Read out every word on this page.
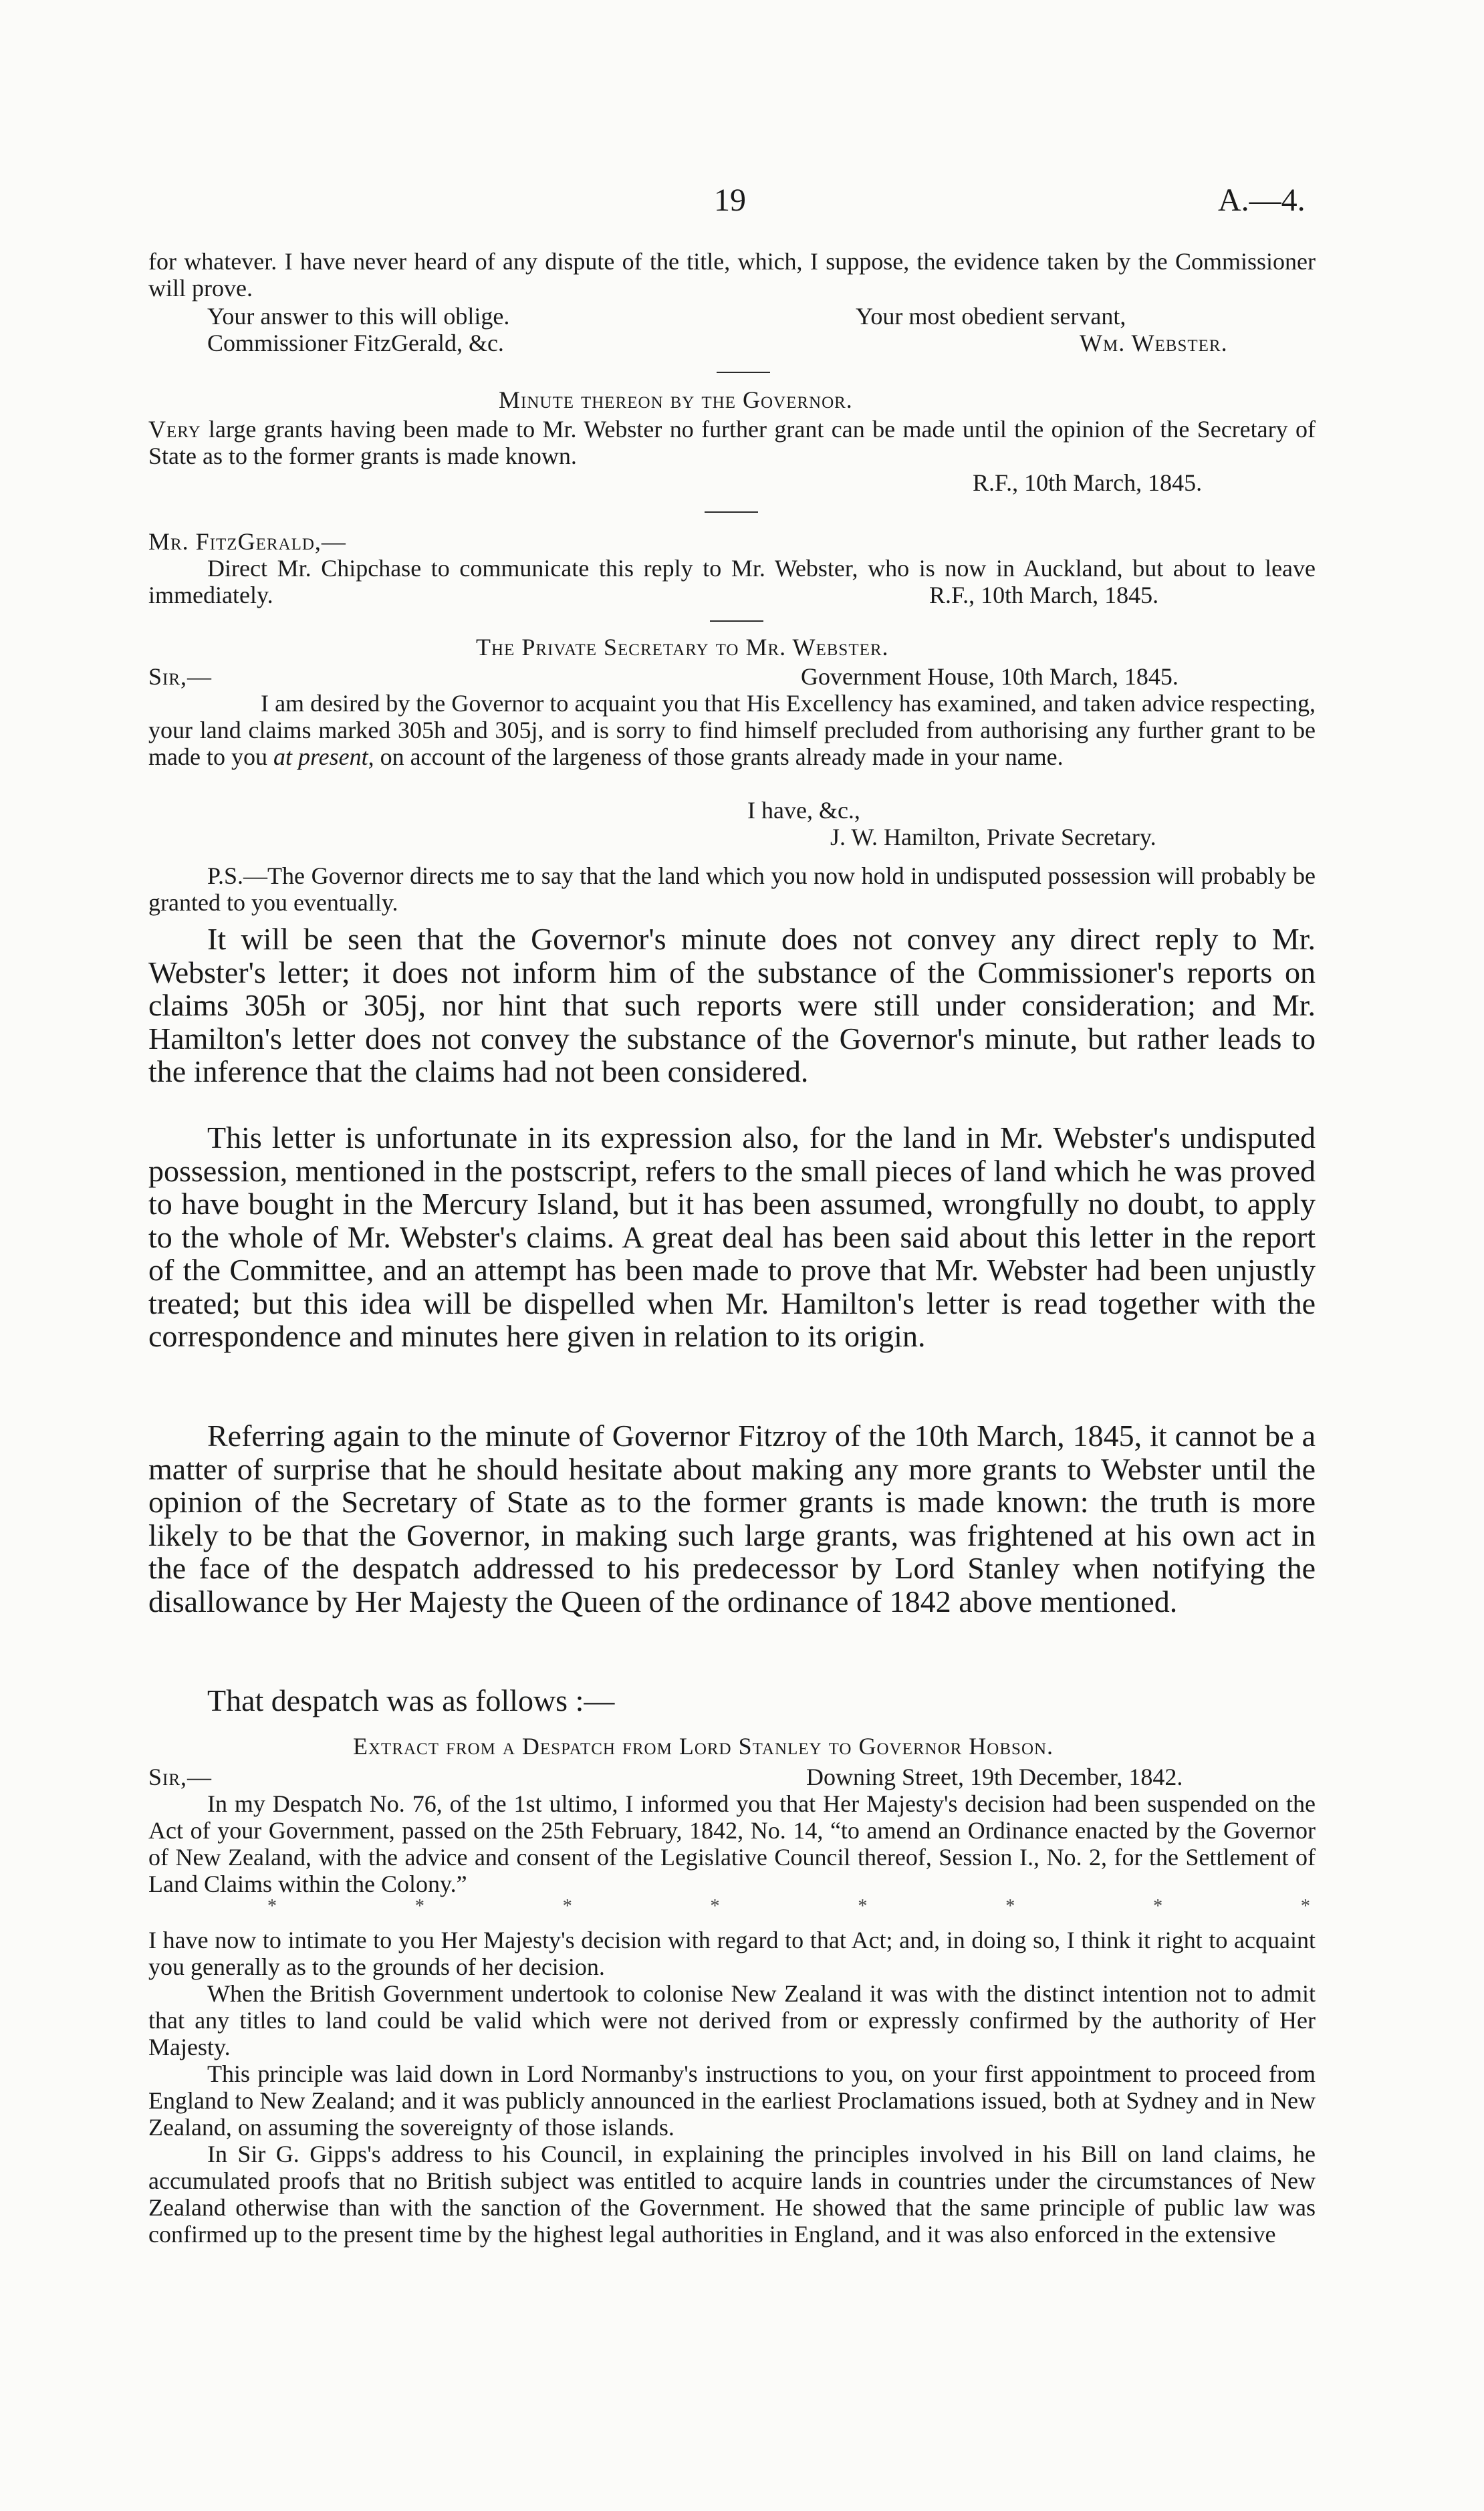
19	A.—4.

for whatever. I have never heard of any dispute of the title, which, I suppose, the evidence taken by the Commissioner will prove.

Your answer to this will oblige.	Your most obedient servant,
Commissioner FitzGerald, &c.	Wm. Webster.
Minute thereon by the Governor.

Very large grants having been made to Mr. Webster no further grant can be made until the opinion of the Secretary of State as to the former grants is made known.

R.F., 10th March, 1845.
Mr. FitzGerald,—

Direct Mr. Chipchase to communicate this reply to Mr. Webster, who is now in Auckland, but about to leave immediately.	R.F., 10th March, 1845.
The Private Secretary to Mr. Webster.
Sir,—	Government House, 10th March, 1845.

I am desired by the Governor to acquaint you that His Excellency has examined, and taken advice respecting, your land claims marked 305h and 305j, and is sorry to find himself precluded from authorising any further grant to be made to you at present, on account of the largeness of those grants already made in your name.

I have, &c.,
J. W. Hamilton, Private Secretary.

P.S.—The Governor directs me to say that the land which you now hold in undisputed possession will probably be granted to you eventually.

It will be seen that the Governor's minute does not convey any direct reply to Mr. Webster's letter; it does not inform him of the substance of the Commissioner's reports on claims 305h or 305j, nor hint that such reports were still under consideration; and Mr. Hamilton's letter does not convey the substance of the Governor's minute, but rather leads to the inference that the claims had not been considered.

This letter is unfortunate in its expression also, for the land in Mr. Webster's undisputed possession, mentioned in the postscript, refers to the small pieces of land which he was proved to have bought in the Mercury Island, but it has been assumed, wrongfully no doubt, to apply to the whole of Mr. Webster's claims. A great deal has been said about this letter in the report of the Committee, and an attempt has been made to prove that Mr. Webster had been unjustly treated; but this idea will be dispelled when Mr. Hamilton's letter is read together with the correspondence and minutes here given in relation to its origin.

Referring again to the minute of Governor Fitzroy of the 10th March, 1845, it cannot be a matter of surprise that he should hesitate about making any more grants to Webster until the opinion of the Secretary of State as to the former grants is made known: the truth is more likely to be that the Governor, in making such large grants, was frightened at his own act in the face of the despatch addressed to his predecessor by Lord Stanley when notifying the disallowance by Her Majesty the Queen of the ordinance of 1842 above mentioned.

That despatch was as follows :—

Extract from a Despatch from Lord Stanley to Governor Hobson.
Sir,—	Downing Street, 19th December, 1842.

In my Despatch No. 76, of the 1st ultimo, I informed you that Her Majesty's decision had been suspended on the Act of your Government, passed on the 25th February, 1842, No. 14, “to amend an Ordinance enacted by the Governor of New Zealand, with the advice and consent of the Legislative Council thereof, Session I., No. 2, for the Settlement of Land Claims within the Colony.”

*	*	*	*	*	*	*	*

I have now to intimate to you Her Majesty's decision with regard to that Act; and, in doing so, I think it right to acquaint you generally as to the grounds of her decision.

When the British Government undertook to colonise New Zealand it was with the distinct intention not to admit that any titles to land could be valid which were not derived from or expressly confirmed by the authority of Her Majesty.

This principle was laid down in Lord Normanby's instructions to you, on your first appointment to proceed from England to New Zealand; and it was publicly announced in the earliest Proclamations issued, both at Sydney and in New Zealand, on assuming the sovereignty of those islands.

In Sir G. Gipps's address to his Council, in explaining the principles involved in his Bill on land claims, he accumulated proofs that no British subject was entitled to acquire lands in countries under the circumstances of New Zealand otherwise than with the sanction of the Government. He showed that the same principle of public law was confirmed up to the present time by the highest legal authorities in England, and it was also enforced in the extensive
